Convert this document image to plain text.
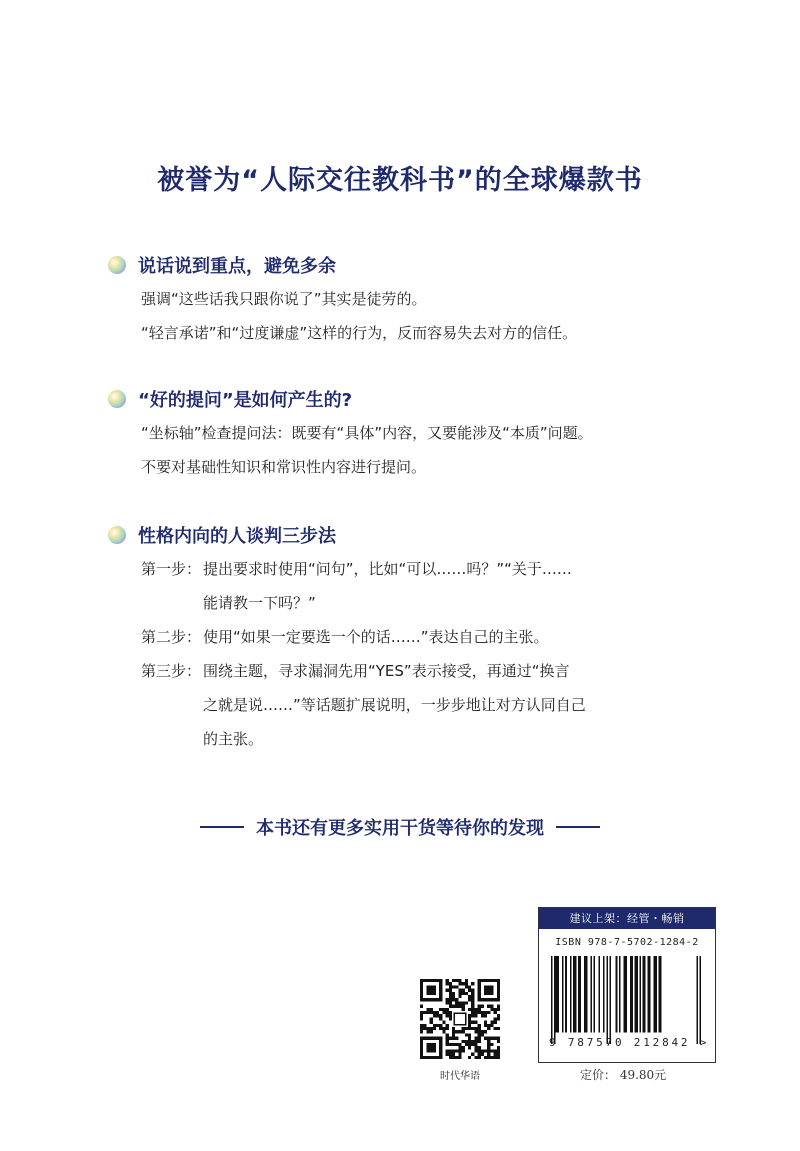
被誉为“人际交往教科书”的全球爆款书
说话说到重点，避免多余
强调“这些话我只跟你说了”其实是徒劳的。
“轻言承诺”和“过度谦虚”这样的行为，反而容易失去对方的信任。
“好的提问”是如何产生的?
“坐标轴”检查提问法：既要有“具体”内容，又要能涉及“本质”问题。
不要对基础性知识和常识性内容进行提问。
性格内向的人谈判三步法
第一步： 提出要求时使用“问句”，比如“可以……吗？”“关于……
能请教一下吗？”
第二步： 使用“如果一定要选一个的话……”表达自己的主张。
第三步： 围绕主题，寻求漏洞先用“YES”表示接受，再通过“换言
之就是说……”等话题扩展说明，一步步地让对方认同自己
的主张。
本书还有更多实用干货等待你的发现
时代华语
建议上架：经管・畅销
ISBN 978-7-5702-1284-2
9 787570 212842 >
定价： 49.80元
